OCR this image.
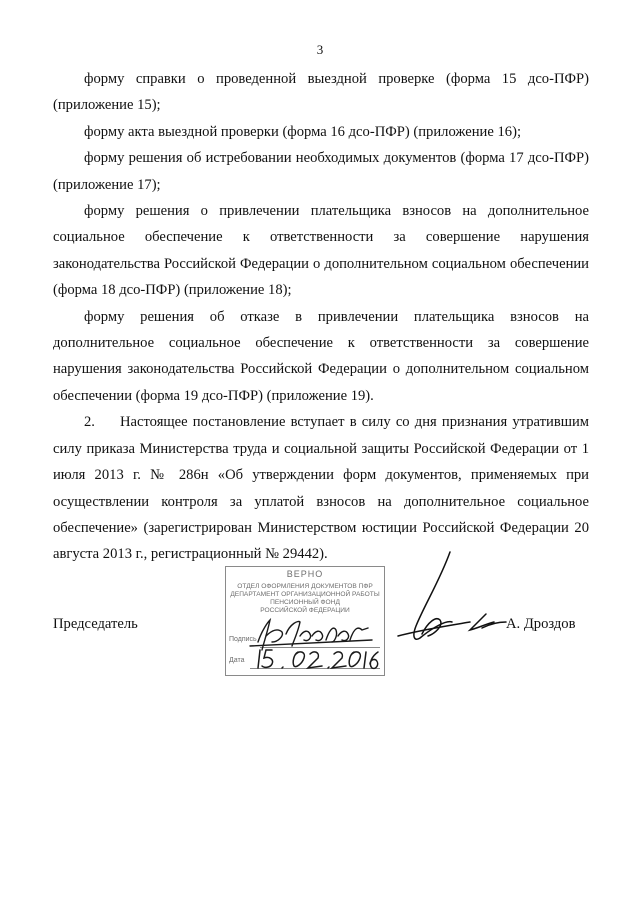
3

форму справки о проведенной выездной проверке (форма 15 дсо-ПФР) (приложение 15);

форму акта выездной проверки (форма 16 дсо-ПФР) (приложение 16);

форму решения об истребовании необходимых документов (форма 17 дсо-ПФР) (приложение 17);

форму решения о привлечении плательщика взносов на дополнительное социальное обеспечение к ответственности за совершение нарушения законодательства Российской Федерации о дополнительном социальном обеспечении (форма 18 дсо-ПФР) (приложение 18);

форму решения об отказе в привлечении плательщика взносов на дополнительное социальное обеспечение к ответственности за совершение нарушения законодательства Российской Федерации о дополнительном социальном обеспечении (форма 19 дсо-ПФР) (приложение 19).

2. Настоящее постановление вступает в силу со дня признания утратившим силу приказа Министерства труда и социальной защиты Российской Федерации от 1 июля 2013 г. № 286н «Об утверждении форм документов, применяемых при осуществлении контроля за уплатой взносов на дополнительное социальное обеспечение» (зарегистрирован Министерством юстиции Российской Федерации 20 августа 2013 г., регистрационный № 29442).

Председатель
ВЕРНО
ОТДЕЛ ОФОРМЛЕНИЯ ДОКУМЕНТОВ ПФР
ДЕПАРТАМЕНТ ОРГАНИЗАЦИОННОЙ РАБОТЫ
ПЕНСИОННЫЙ ФОНД
РОССИЙСКОЙ ФЕДЕРАЦИИ
Подпись
Дата
А. Дроздов
